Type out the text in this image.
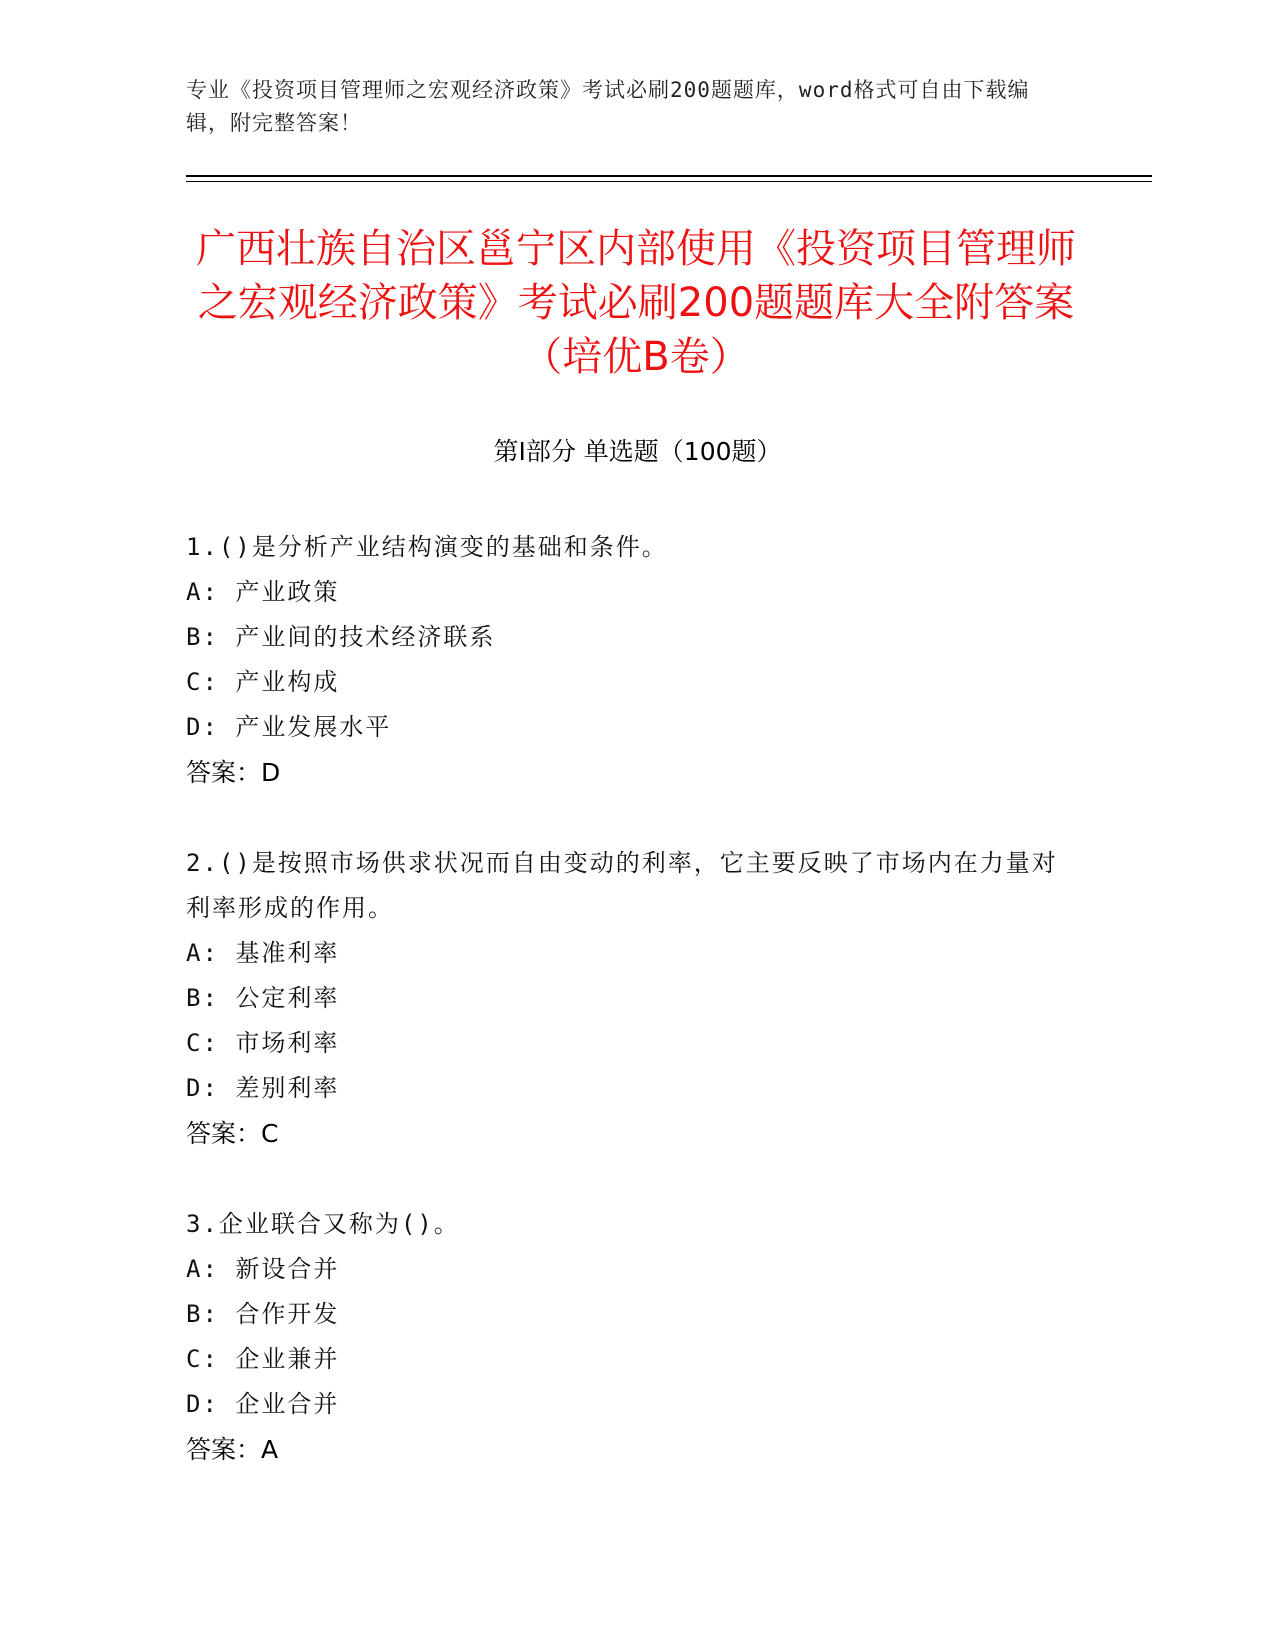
专业《投资项目管理师之宏观经济政策》考试必刷200题题库，word格式可自由下载编辑，附完整答案！
广西壮族自治区邕宁区内部使用《投资项目管理师之宏观经济政策》考试必刷200题题库大全附答案（培优B卷）
第Ⅰ部分 单选题（100题）
1.()是分析产业结构演变的基础和条件。
A: 产业政策
B: 产业间的技术经济联系
C: 产业构成
D: 产业发展水平
答案：D
2.()是按照市场供求状况而自由变动的利率，它主要反映了市场内在力量对利率形成的作用。
A: 基准利率
B: 公定利率
C: 市场利率
D: 差别利率
答案：C
3.企业联合又称为()。
A: 新设合并
B: 合作开发
C: 企业兼并
D: 企业合并
答案：A
